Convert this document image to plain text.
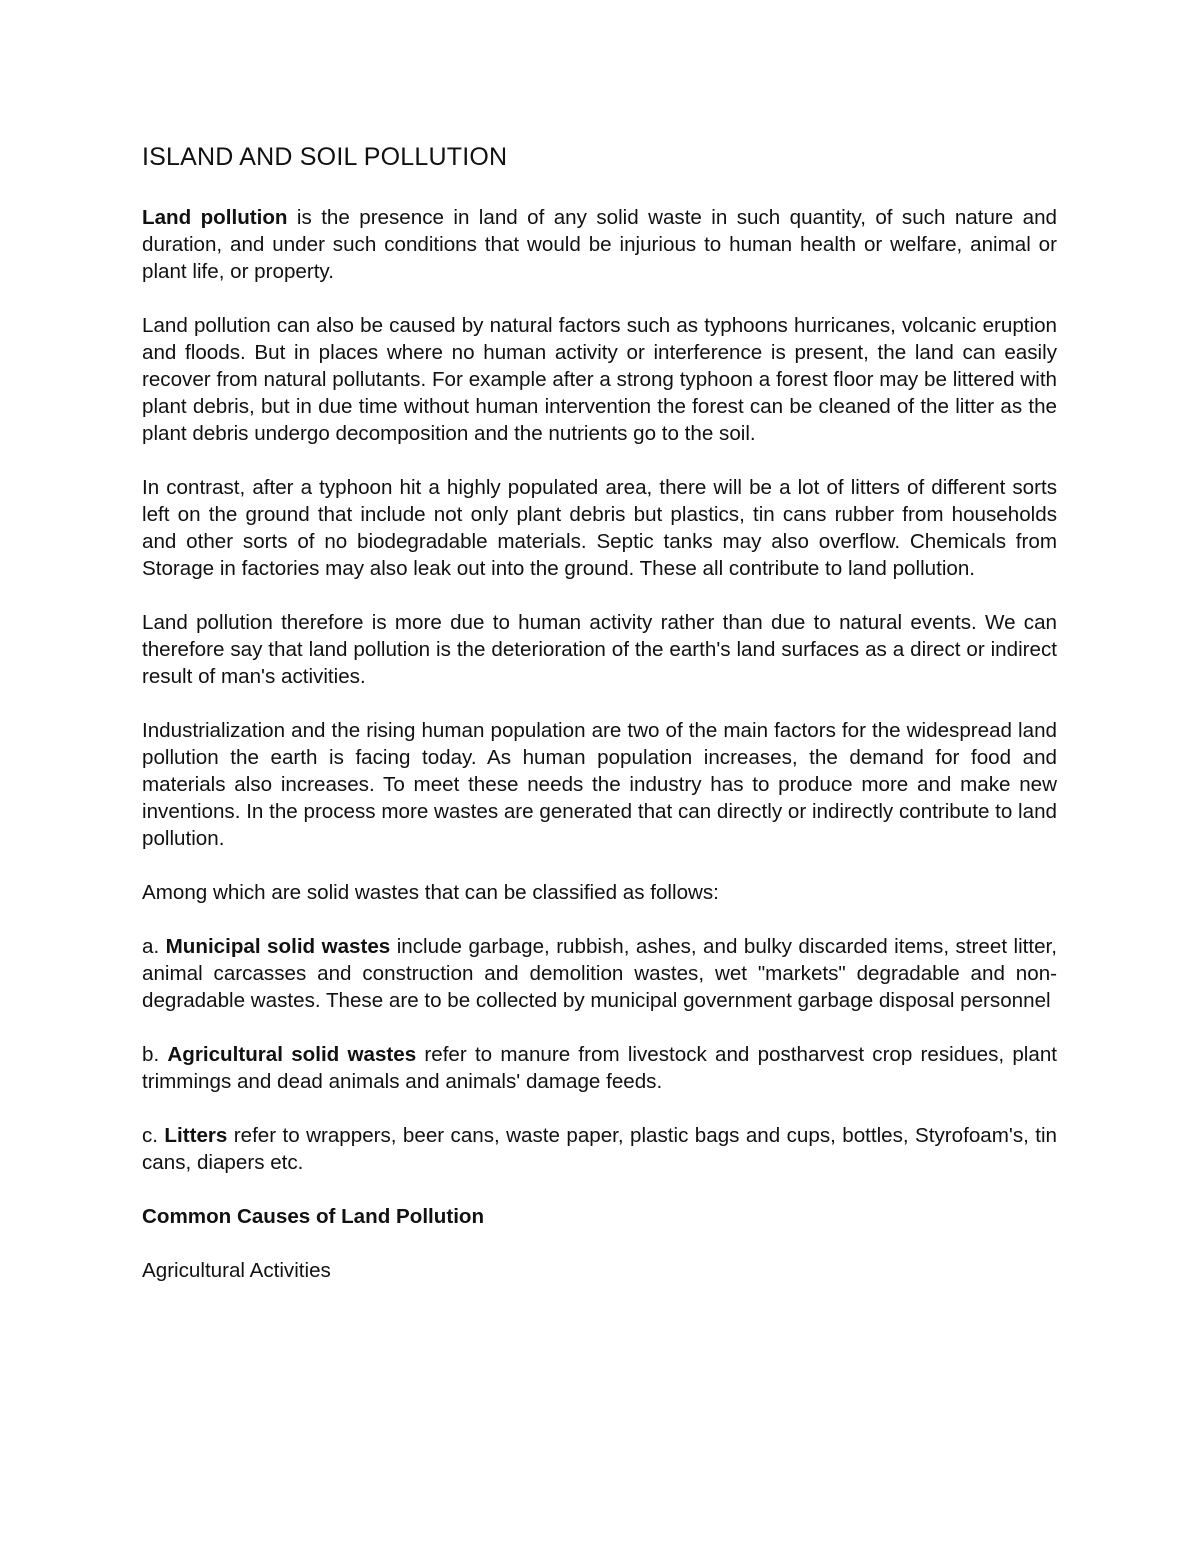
ISLAND AND SOIL POLLUTION

Land pollution is the presence in land of any solid waste in such quantity, of such nature and duration, and under such conditions that would be injurious to human health or welfare, animal or plant life, or property.

Land pollution can also be caused by natural factors such as typhoons hurricanes, volcanic eruption and floods. But in places where no human activity or interference is present, the land can easily recover from natural pollutants. For example after a strong typhoon a forest floor may be littered with plant debris, but in due time without human intervention the forest can be cleaned of the litter as the plant debris undergo decomposition and the nutrients go to the soil.

In contrast, after a typhoon hit a highly populated area, there will be a lot of litters of different sorts left on the ground that include not only plant debris but plastics, tin cans rubber from households and other sorts of no biodegradable materials. Septic tanks may also overflow. Chemicals from Storage in factories may also leak out into the ground. These all contribute to land pollution.

Land pollution therefore is more due to human activity rather than due to natural events. We can therefore say that land pollution is the deterioration of the earth's land surfaces as a direct or indirect result of man's activities.

Industrialization and the rising human population are two of the main factors for the widespread land pollution the earth is facing today. As human population increases, the demand for food and materials also increases. To meet these needs the industry has to produce more and make new inventions. In the process more wastes are generated that can directly or indirectly contribute to land pollution.

Among which are solid wastes that can be classified as follows:

a. Municipal solid wastes include garbage, rubbish, ashes, and bulky discarded items, street litter, animal carcasses and construction and demolition wastes, wet "markets" degradable and non-degradable wastes. These are to be collected by municipal government garbage disposal personnel

b. Agricultural solid wastes refer to manure from livestock and postharvest crop residues, plant trimmings and dead animals and animals' damage feeds.

c. Litters refer to wrappers, beer cans, waste paper, plastic bags and cups, bottles, Styrofoam's, tin cans, diapers etc.

Common Causes of Land Pollution
Agricultural Activities
